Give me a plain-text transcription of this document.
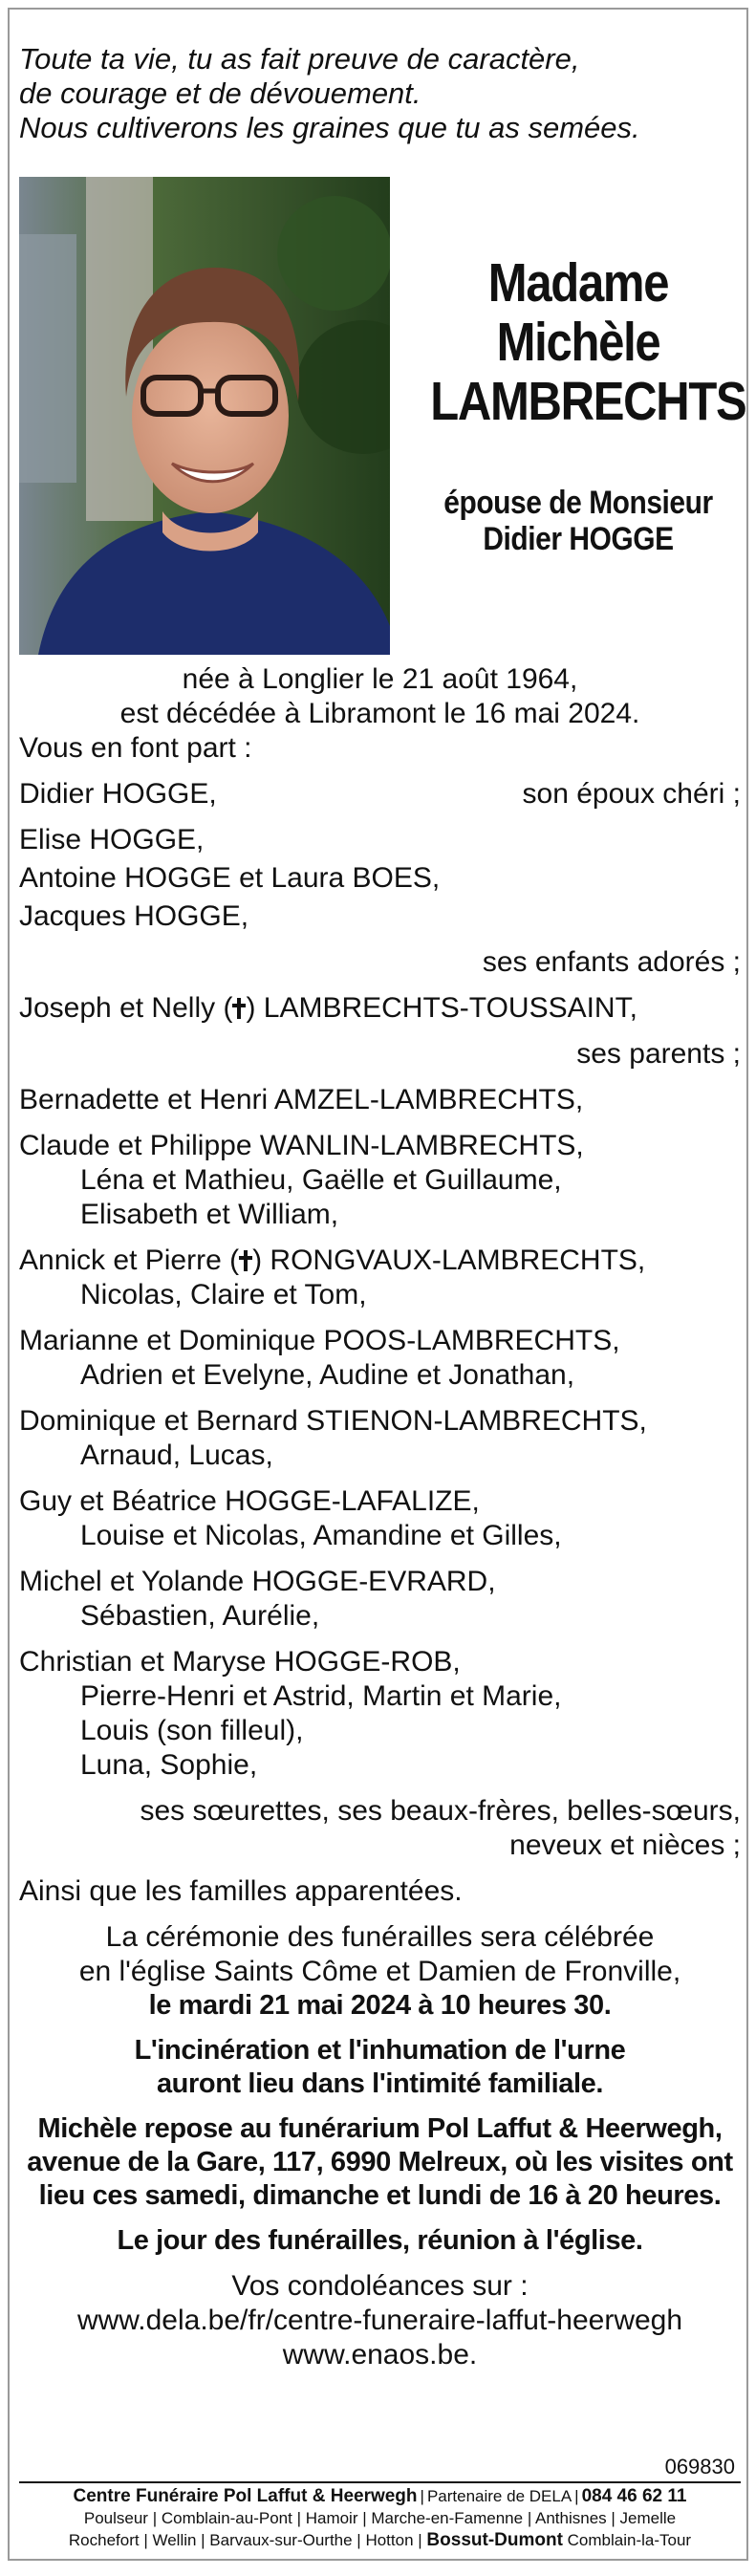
Toute ta vie, tu as fait preuve de caractère,
de courage et de dévouement.
Nous cultiverons les graines que tu as semées.
Madame
Michèle
LAMBRECHTS
épouse de Monsieur
Didier HOGGE
née à Longlier le 21 août 1964,
est décédée à Libramont le 16 mai 2024.
Vous en font part :
Didier HOGGE,	son époux chéri ;
Elise HOGGE,
Antoine HOGGE et Laura BOES,
Jacques HOGGE,
ses enfants adorés ;
Joseph et Nelly ( ) LAMBRECHTS-TOUSSAINT,
ses parents ;
Bernadette et Henri AMZEL-LAMBRECHTS,
Claude et Philippe WANLIN-LAMBRECHTS,
Léna et Mathieu, Gaëlle et Guillaume,
Elisabeth et William,
Annick et Pierre ( ) RONGVAUX-LAMBRECHTS,
Nicolas, Claire et Tom,
Marianne et Dominique POOS-LAMBRECHTS,
Adrien et Evelyne, Audine et Jonathan,
Dominique et Bernard STIENON-LAMBRECHTS,
Arnaud, Lucas,
Guy et Béatrice HOGGE-LAFALIZE,
Louise et Nicolas, Amandine et Gilles,
Michel et Yolande HOGGE-EVRARD,
Sébastien, Aurélie,
Christian et Maryse HOGGE-ROB,
Pierre-Henri et Astrid, Martin et Marie,
Louis (son filleul),
Luna, Sophie,
ses sœurettes, ses beaux-frères, belles-sœurs,
neveux et nièces ;
Ainsi que les familles apparentées.
La cérémonie des funérailles sera célébrée
en l'église Saints Côme et Damien de Fronville,
le mardi 21 mai 2024 à 10 heures 30.
L'incinération et l'inhumation de l'urne
auront lieu dans l'intimité familiale.
Michèle repose au funérarium Pol Laffut & Heerwegh,
avenue de la Gare, 117, 6990 Melreux, où les visites ont
lieu ces samedi, dimanche et lundi de 16 à 20 heures.
Le jour des funérailles, réunion à l'église.
Vos condoléances sur :
www.dela.be/fr/centre-funeraire-laffut-heerwegh
www.enaos.be.
069830
Centre Funéraire Pol Laffut & Heerwegh | Partenaire de DELA | 084 46 62 11
Poulseur | Comblain-au-Pont | Hamoir | Marche-en-Famenne | Anthisnes | Jemelle
Rochefort | Wellin | Barvaux-sur-Ourthe | Hotton | Bossut-Dumont Comblain-la-Tour
